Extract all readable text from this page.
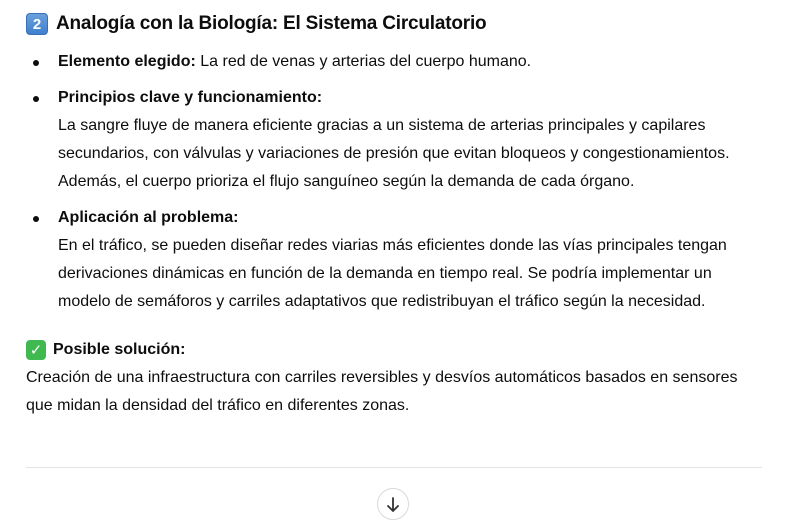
2 Analogía con la Biología: El Sistema Circulatorio
Elemento elegido: La red de venas y arterias del cuerpo humano.
Principios clave y funcionamiento:
La sangre fluye de manera eficiente gracias a un sistema de arterias principales y capilares
secundarios, con válvulas y variaciones de presión que evitan bloqueos y congestionamientos.
Además, el cuerpo prioriza el flujo sanguíneo según la demanda de cada órgano.
Aplicación al problema:
En el tráfico, se pueden diseñar redes viarias más eficientes donde las vías principales tengan
derivaciones dinámicas en función de la demanda en tiempo real. Se podría implementar un
modelo de semáforos y carriles adaptativos que redistribuyan el tráfico según la necesidad.
✓ Posible solución:
Creación de una infraestructura con carriles reversibles y desvíos automáticos basados en sensores
que midan la densidad del tráfico en diferentes zonas.
